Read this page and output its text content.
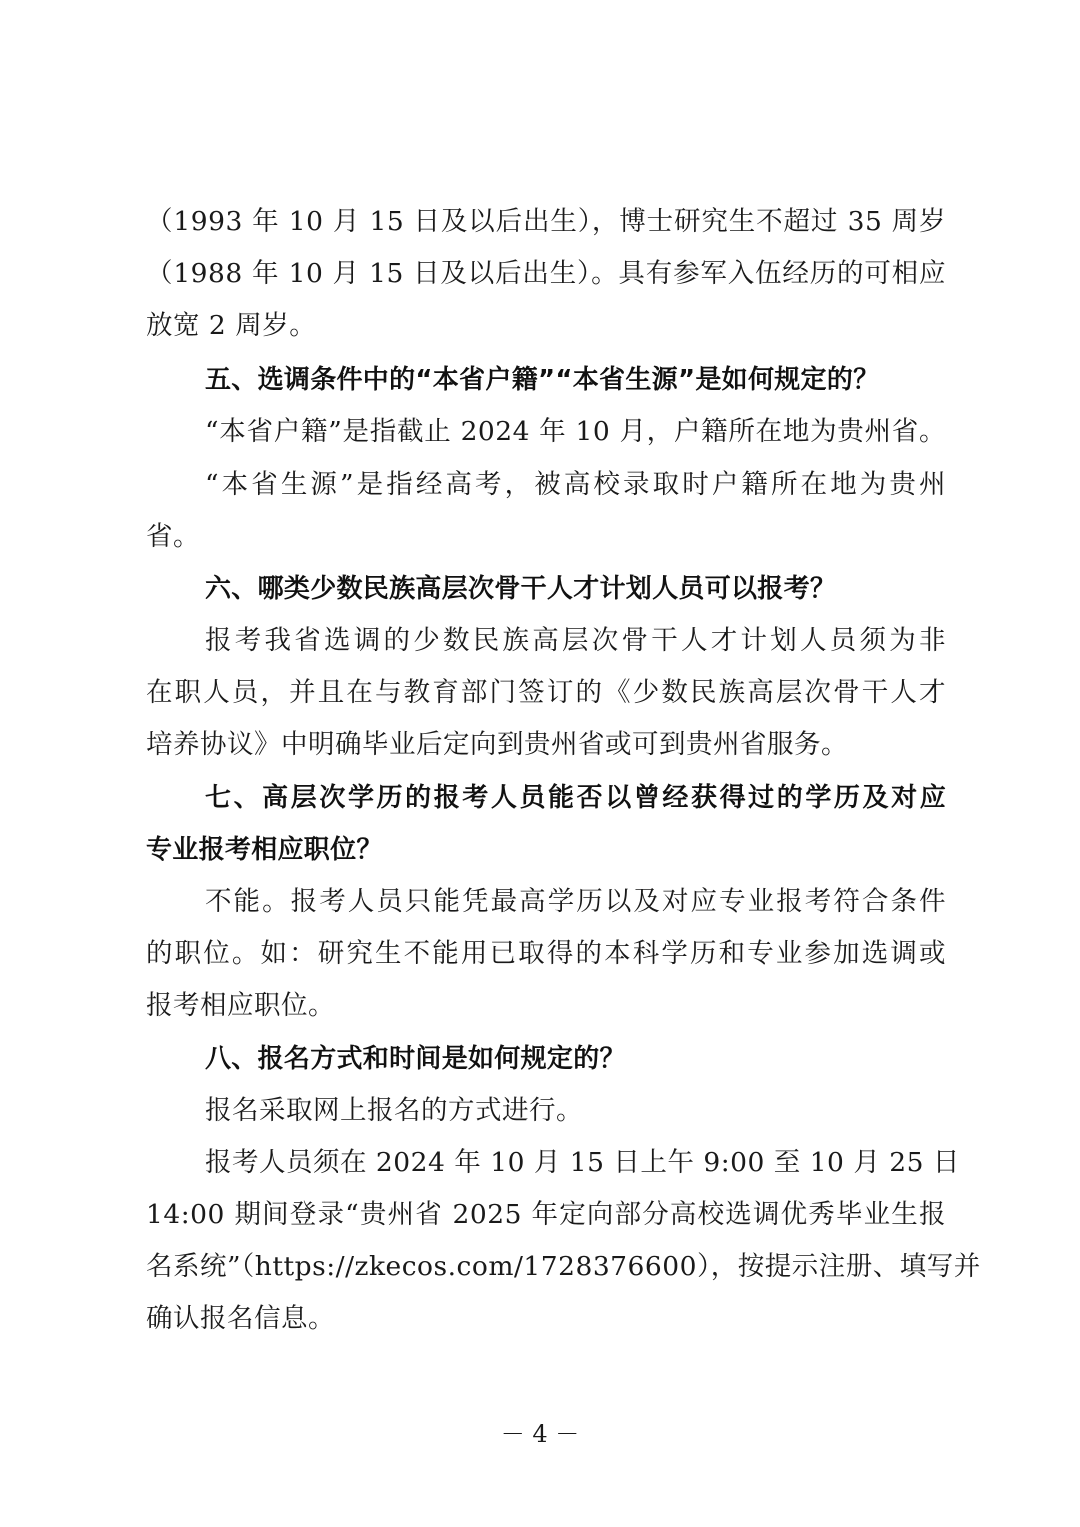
（1993 年 10 月 15 日及以后出生），博士研究生不超过 35 周岁
（1988 年 10 月 15 日及以后出生）。具有参军入伍经历的可相应
放宽 2 周岁。
五、选调条件中的“本省户籍”“本省生源”是如何规定的？
“本省户籍”是指截止 2024 年 10 月，户籍所在地为贵州省。
“本省生源”是指经高考，被高校录取时户籍所在地为贵州
省。
六、哪类少数民族高层次骨干人才计划人员可以报考？
报考我省选调的少数民族高层次骨干人才计划人员须为非
在职人员，并且在与教育部门签订的《少数民族高层次骨干人才
培养协议》中明确毕业后定向到贵州省或可到贵州省服务。
七、高层次学历的报考人员能否以曾经获得过的学历及对应
专业报考相应职位？
不能。报考人员只能凭最高学历以及对应专业报考符合条件
的职位。如：研究生不能用已取得的本科学历和专业参加选调或
报考相应职位。
八、报名方式和时间是如何规定的？
报名采取网上报名的方式进行。
报考人员须在 2024 年 10 月 15 日上午 9:00 至 10 月 25 日
14:00 期间登录“贵州省 2025 年定向部分高校选调优秀毕业生报
名系统”（https://zkecos.com/1728376600），按提示注册、填写并
确认报名信息。
－ 4 －
